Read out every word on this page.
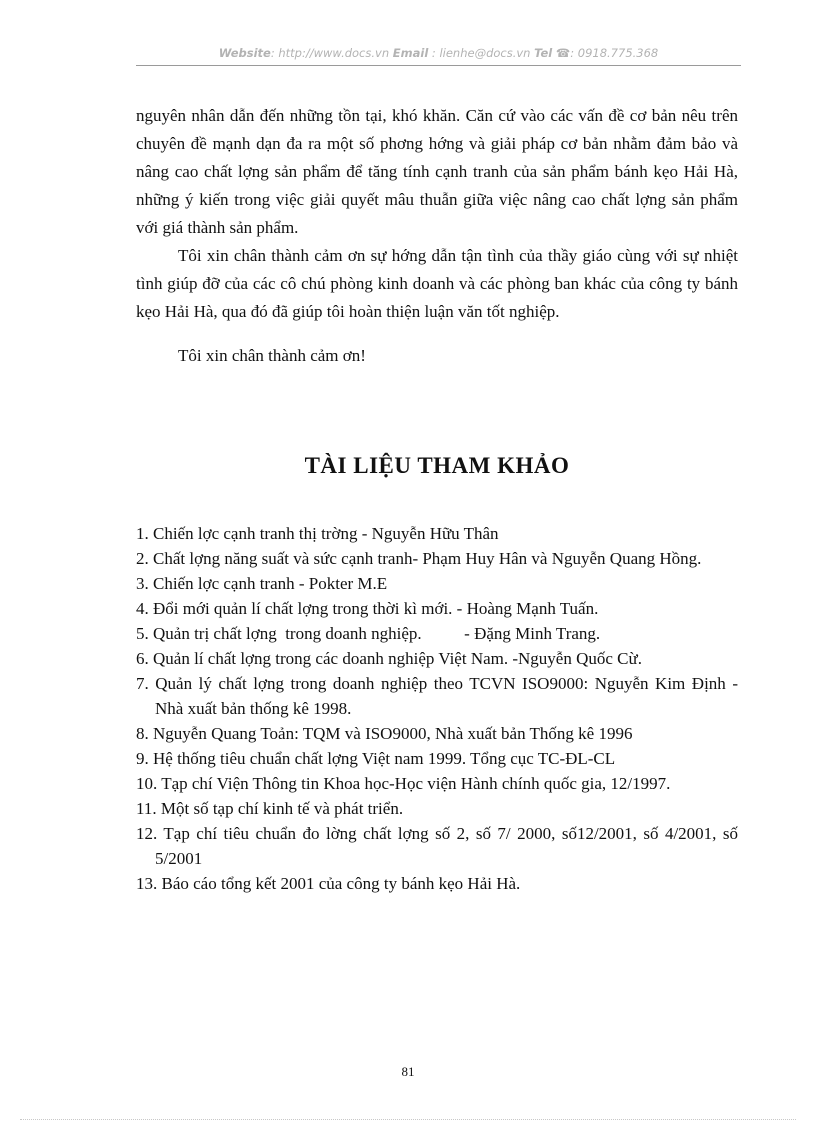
Website: http://www.docs.vn Email : lienhe@docs.vn Tel ☎: 0918.775.368

nguyên nhân dẫn đến những tồn tại, khó khăn. Căn cứ vào các vấn đề cơ bản nêu trên chuyên đề mạnh dạn đa ra một số phơng hớng và giải pháp cơ bản nhằm đảm bảo và nâng cao chất lợng sản phẩm để tăng tính cạnh tranh của sản phẩm bánh kẹo Hải Hà, những ý kiến trong việc giải quyết mâu thuẫn giữa việc nâng cao chất lợng sản phẩm với giá thành sản phẩm.

Tôi xin chân thành cảm ơn sự hớng dẫn tận tình của thầy giáo cùng với sự nhiệt tình giúp đỡ của các cô chú phòng kinh doanh và các phòng ban khác của công ty bánh kẹo Hải Hà, qua đó đã giúp tôi hoàn thiện luận văn tốt nghiệp.

Tôi xin chân thành cảm ơn!

TÀI LIỆU THAM KHẢO
1. Chiến lợc cạnh tranh thị trờng - Nguyễn Hữu Thân
2. Chất lợng năng suất và sức cạnh tranh- Phạm Huy Hân và Nguyễn Quang Hồng.
3. Chiến lợc cạnh tranh - Pokter M.E
4. Đổi mới quản lí chất lợng trong thời kì mới. - Hoàng Mạnh Tuấn.
5. Quản trị chất lợng  trong doanh nghiệp.          - Đặng Minh Trang.
6. Quản lí chất lợng trong các doanh nghiệp Việt Nam. -Nguyễn Quốc Cừ.
7. Quản lý chất lợng trong doanh nghiệp theo TCVN ISO9000: Nguyễn Kim Định - Nhà xuất bản thống kê 1998.
8. Nguyễn Quang Toản: TQM và ISO9000, Nhà xuất bản Thống kê 1996
9. Hệ thống tiêu chuẩn chất lợng Việt nam 1999. Tổng cục TC-ĐL-CL
10. Tạp chí Viện Thông tin Khoa học-Học viện Hành chính quốc gia, 12/1997.
11. Một số tạp chí kinh tế và phát triển.
12. Tạp chí tiêu chuẩn đo lờng chất lợng số 2, số 7/ 2000, số12/2001, số 4/2001, số 5/2001
13. Báo cáo tổng kết 2001 của công ty bánh kẹo Hải Hà.
81
